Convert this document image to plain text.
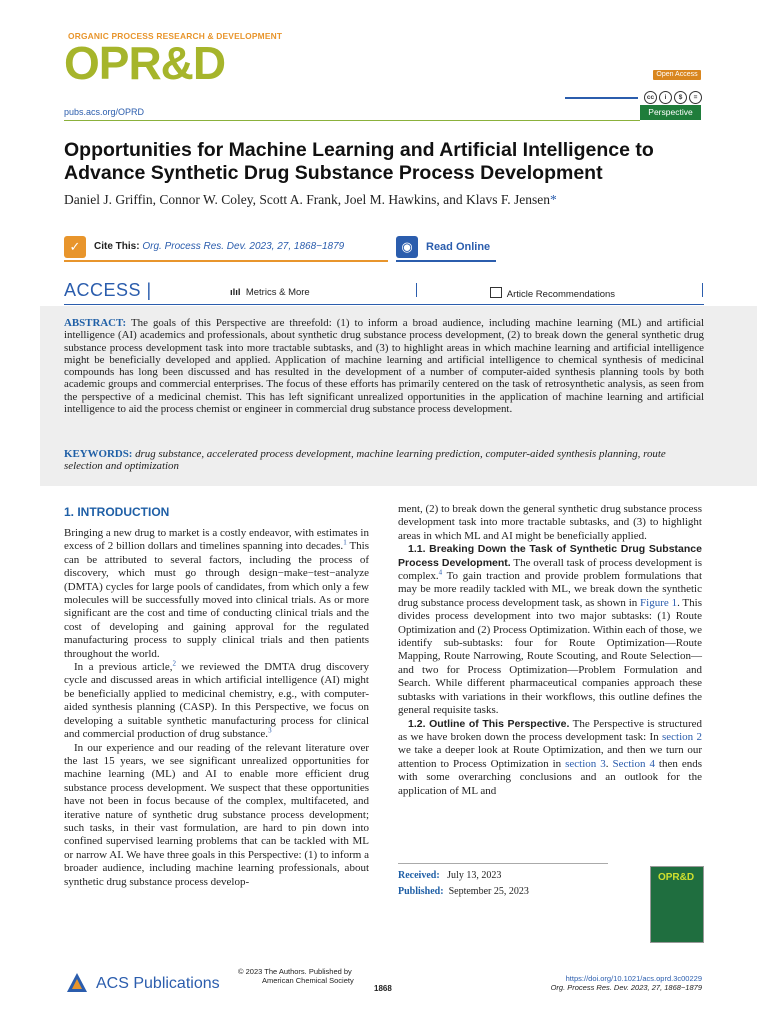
ORGANIC PROCESS RESEARCH & DEVELOPMENT
OPR&D	Open Access
cc i $ =
pubs.acs.org/OPRD	Perspective
Opportunities for Machine Learning and Artificial Intelligence to Advance Synthetic Drug Substance Process Development
Daniel J. Griffin, Connor W. Coley, Scott A. Frank, Joel M. Hawkins, and Klavs F. Jensen*
✓	Cite This: Org. Process Res. Dev. 2023, 27, 1868−1879	◉	Read Online
ACCESS |	ılıl Metrics & More	Article Recommendations
ABSTRACT: The goals of this Perspective are threefold: (1) to inform a broad audience, including machine learning (ML) and artificial intelligence (AI) academics and professionals, about synthetic drug substance process development, (2) to break down the general synthetic drug substance process development task into more tractable subtasks, and (3) to highlight areas in which machine learning and artificial intelligence might be beneficially developed and applied. Application of machine learning and artificial intelligence to chemical synthesis of medicinal compounds has long been discussed and has resulted in the development of a number of computer-aided synthesis planning tools by both academic groups and commercial enterprises. The focus of these efforts has primarily centered on the task of retrosynthetic analysis, as seen from the perspective of a medicinal chemist. This has left significant unrealized opportunities in the application of machine learning and artificial intelligence to aid the process chemist or engineer in commercial drug substance process development.
KEYWORDS: drug substance, accelerated process development, machine learning prediction, computer-aided synthesis planning, route selection and optimization
1. INTRODUCTION

Bringing a new drug to market is a costly endeavor, with estimates in excess of 2 billion dollars and timelines spanning into decades.$^1$ This can be attributed to several factors, including the process of discovery, which must go through design−make−test−analyze (DMTA) cycles for large pools of candidates, from which only a few molecules will be successfully moved into clinical trials. As or more significant are the cost and time of conducting clinical trials and the cost of developing and gaining approval for the regulated manufacturing process to supply clinical trials and then patients throughout the world.

In a previous article,$^2$ we reviewed the DMTA drug discovery cycle and discussed areas in which artificial intelligence (AI) might be beneficially applied to medicinal chemistry, e.g., with computer-aided synthesis planning (CASP). In this Perspective, we focus on developing a suitable synthetic manufacturing process for clinical and commercial production of drug substance.$^3$

In our experience and our reading of the relevant literature over the last 15 years, we see significant unrealized opportunities for machine learning (ML) and AI to enable more efficient drug substance process development. We suspect that these opportunities have not been in focus because of the complex, multifaceted, and iterative nature of synthetic drug substance process development; such tasks, in their vast formulation, are hard to pin down into confined supervised learning problems that can be tackled with ML or narrow AI. We have three goals in this Perspective: (1) to inform a broader audience, including machine learning professionals, about synthetic drug substance process develop-

ment, (2) to break down the general synthetic drug substance process development task into more tractable subtasks, and (3) to highlight areas in which ML and AI might be beneficially applied.

1.1. Breaking Down the Task of Synthetic Drug Substance Process Development. The overall task of process development is complex.$^4$ To gain traction and provide problem formulations that may be more readily tackled with ML, we break down the synthetic drug substance process development task, as shown in Figure 1. This divides process development into two major subtasks: (1) Route Optimization and (2) Process Optimization. Within each of those, we identify sub-subtasks: four for Route Optimization—Route Mapping, Route Narrowing, Route Scouting, and Route Selection—and two for Process Optimization—Problem Formulation and Search. While different pharmaceutical companies approach these subtasks with variations in their workflows, this outline defines the general requisite tasks.

1.2. Outline of This Perspective. The Perspective is structured as we have broken down the process development task: In section 2 we take a deeper look at Route Optimization, and then we turn our attention to Process Optimization in section 3. Section 4 then ends with some overarching conclusions and an outlook for the application of ML and

Received: July 13, 2023
Published: September 25, 2023
OPR&D
ACS Publications
© 2023 The Authors. Published by
American Chemical Society
1868
https://doi.org/10.1021/acs.oprd.3c00229
Org. Process Res. Dev. 2023, 27, 1868−1879
